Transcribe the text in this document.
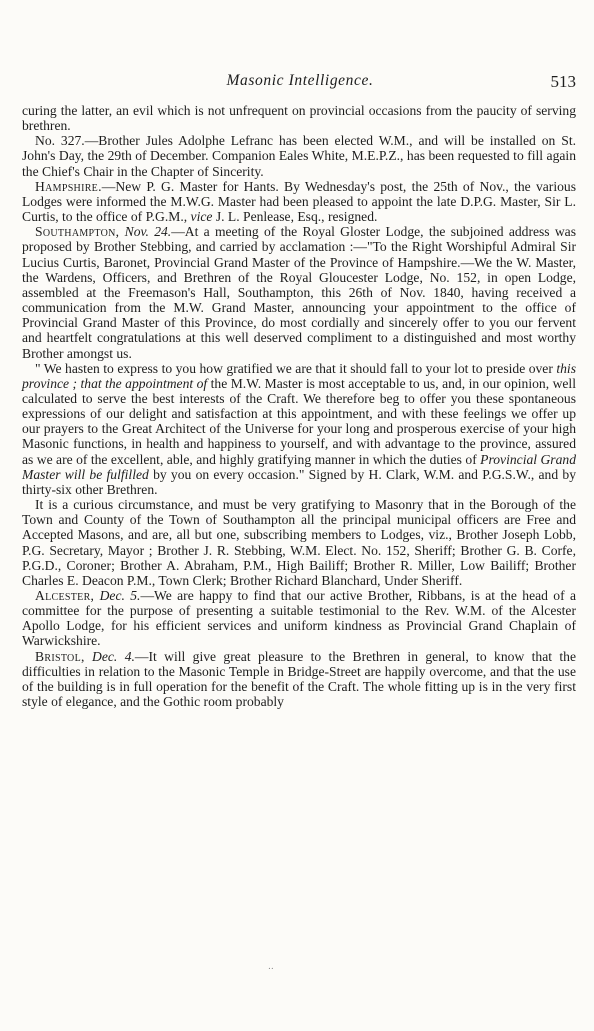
Masonic Intelligence.	513

curing the latter, an evil which is not unfrequent on provincial occasions from the paucity of serving brethren.

No. 327.—Brother Jules Adolphe Lefranc has been elected W.M., and will be installed on St. John's Day, the 29th of December. Companion Eales White, M.E.P.Z., has been requested to fill again the Chief's Chair in the Chapter of Sincerity.

Hampshire.—New P. G. Master for Hants. By Wednesday's post, the 25th of Nov., the various Lodges were informed the M.W.G. Master had been pleased to appoint the late D.P.G. Master, Sir L. Curtis, to the office of P.G.M., vice J. L. Penlease, Esq., resigned.

Southampton, Nov. 24.—At a meeting of the Royal Gloster Lodge, the subjoined address was proposed by Brother Stebbing, and carried by acclamation :—"To the Right Worshipful Admiral Sir Lucius Curtis, Baronet, Provincial Grand Master of the Province of Hampshire.—We the W. Master, the Wardens, Officers, and Brethren of the Royal Gloucester Lodge, No. 152, in open Lodge, assembled at the Freemason's Hall, Southampton, this 26th of Nov. 1840, having received a communication from the M.W. Grand Master, announcing your appointment to the office of Provincial Grand Master of this Province, do most cordially and sincerely offer to you our fervent and heartfelt congratulations at this well deserved compliment to a distinguished and most worthy Brother amongst us.

" We hasten to express to you how gratified we are that it should fall to your lot to preside over this province ; that the appointment of the M.W. Master is most acceptable to us, and, in our opinion, well calculated to serve the best interests of the Craft. We therefore beg to offer you these spontaneous expressions of our delight and satisfaction at this appointment, and with these feelings we offer up our prayers to the Great Architect of the Universe for your long and prosperous exercise of your high Masonic functions, in health and happiness to yourself, and with advantage to the province, assured as we are of the excellent, able, and highly gratifying manner in which the duties of Provincial Grand Master will be fulfilled by you on every occasion." Signed by H. Clark, W.M. and P.G.S.W., and by thirty-six other Brethren.

It is a curious circumstance, and must be very gratifying to Masonry that in the Borough of the Town and County of the Town of Southampton all the principal municipal officers are Free and Accepted Masons, and are, all but one, subscribing members to Lodges, viz., Brother Joseph Lobb, P.G. Secretary, Mayor ; Brother J. R. Stebbing, W.M. Elect. No. 152, Sheriff; Brother G. B. Corfe, P.G.D., Coroner; Brother A. Abraham, P.M., High Bailiff; Brother R. Miller, Low Bailiff; Brother Charles E. Deacon P.M., Town Clerk; Brother Richard Blanchard, Under Sheriff.

Alcester, Dec. 5.—We are happy to find that our active Brother, Ribbans, is at the head of a committee for the purpose of presenting a suitable testimonial to the Rev. W.M. of the Alcester Apollo Lodge, for his efficient services and uniform kindness as Provincial Grand Chaplain of Warwickshire.

Bristol, Dec. 4.—It will give great pleasure to the Brethren in general, to know that the difficulties in relation to the Masonic Temple in Bridge-Street are happily overcome, and that the use of the building is in full operation for the benefit of the Craft. The whole fitting up is in the very first style of elegance, and the Gothic room probably

..
